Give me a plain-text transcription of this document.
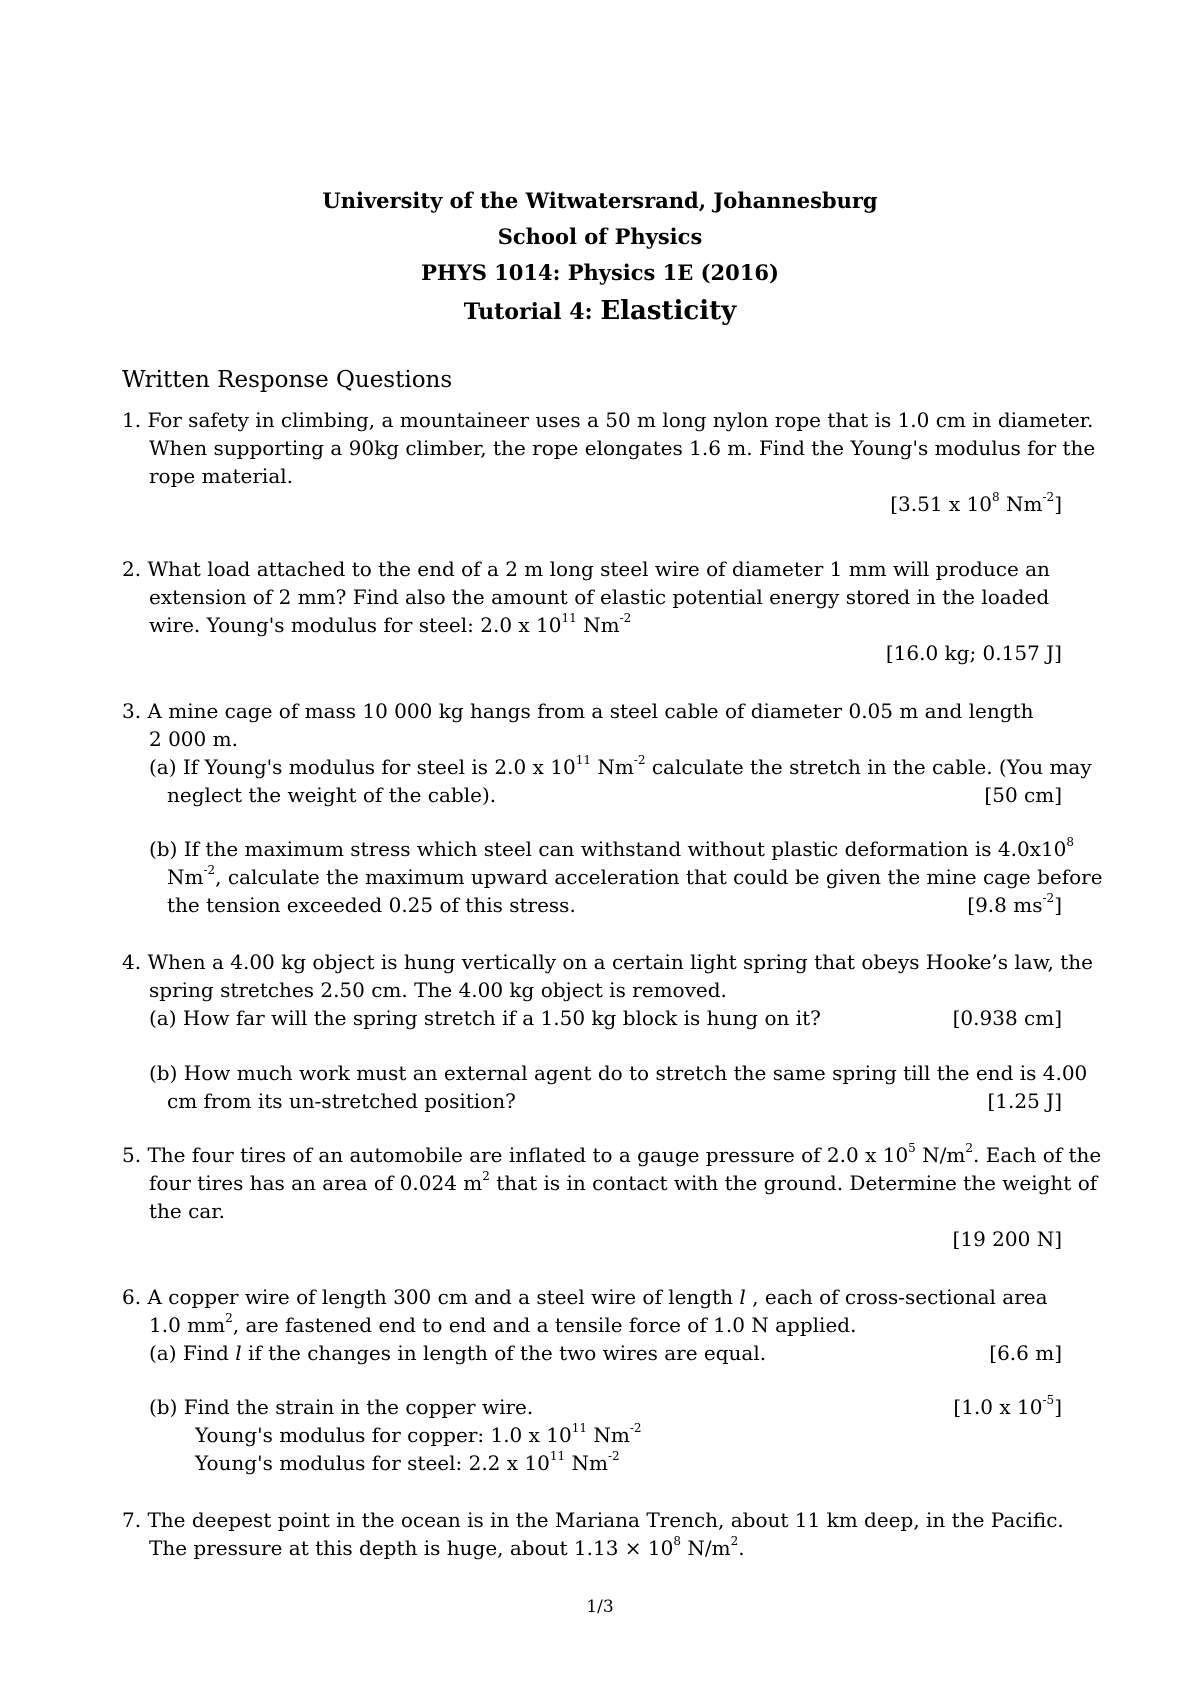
University of the Witwatersrand, Johannesburg
School of Physics
PHYS 1014: Physics 1E (2016)
Tutorial 4: Elasticity
Written Response Questions
1. For safety in climbing, a mountaineer uses a 50 m long nylon rope that is 1.0 cm in diameter.
When supporting a 90kg climber, the rope elongates 1.6 m. Find the Young's modulus for the
rope material.
[3.51 x $10^8$ $Nm^{-2}$]
2. What load attached to the end of a 2 m long steel wire of diameter 1 mm will produce an
extension of 2 mm? Find also the amount of elastic potential energy stored in the loaded
wire. Young's modulus for steel: 2.0 x $10^{11}$ $Nm^{-2}$
[16.0 kg; 0.157 J]
3. A mine cage of mass 10 000 kg hangs from a steel cable of diameter 0.05 m and length
2 000 m.
(a) If Young's modulus for steel is 2.0 x $10^{11}$ $Nm^{-2}$ calculate the stretch in the cable. (You may
neglect the weight of the cable).	[50 cm]
(b) If the maximum stress which steel can withstand without plastic deformation is $4.0x10^8$
$Nm^{-2}$, calculate the maximum upward acceleration that could be given the mine cage before
the tension exceeded 0.25 of this stress.	[9.8 $ms^{-2}$]
4. When a 4.00 kg object is hung vertically on a certain light spring that obeys Hooke’s law, the
spring stretches 2.50 cm. The 4.00 kg object is removed.
(a) How far will the spring stretch if a 1.50 kg block is hung on it?	[0.938 cm]
(b) How much work must an external agent do to stretch the same spring till the end is 4.00
cm from its un-stretched position?	[1.25 J]
5. The four tires of an automobile are inflated to a gauge pressure of 2.0 x $10^5$ $N/m^2$. Each of the
four tires has an area of 0.024 $m^2$ that is in contact with the ground. Determine the weight of
the car.
[19 200 N]
6. A copper wire of length 300 cm and a steel wire of length l , each of cross-sectional area
1.0 $mm^2$, are fastened end to end and a tensile force of 1.0 N applied.
(a) Find l if the changes in length of the two wires are equal.	[6.6 m]
(b) Find the strain in the copper wire.	[1.0 x $10^{-5}$]
Young's modulus for copper: 1.0 x $10^{11}$ $Nm^{-2}$
Young's modulus for steel: 2.2 x $10^{11}$ $Nm^{-2}$
7. The deepest point in the ocean is in the Mariana Trench, about 11 km deep, in the Pacific.
The pressure at this depth is huge, about $1.13 \times 10^8$ $N/m^2$.
1/3
